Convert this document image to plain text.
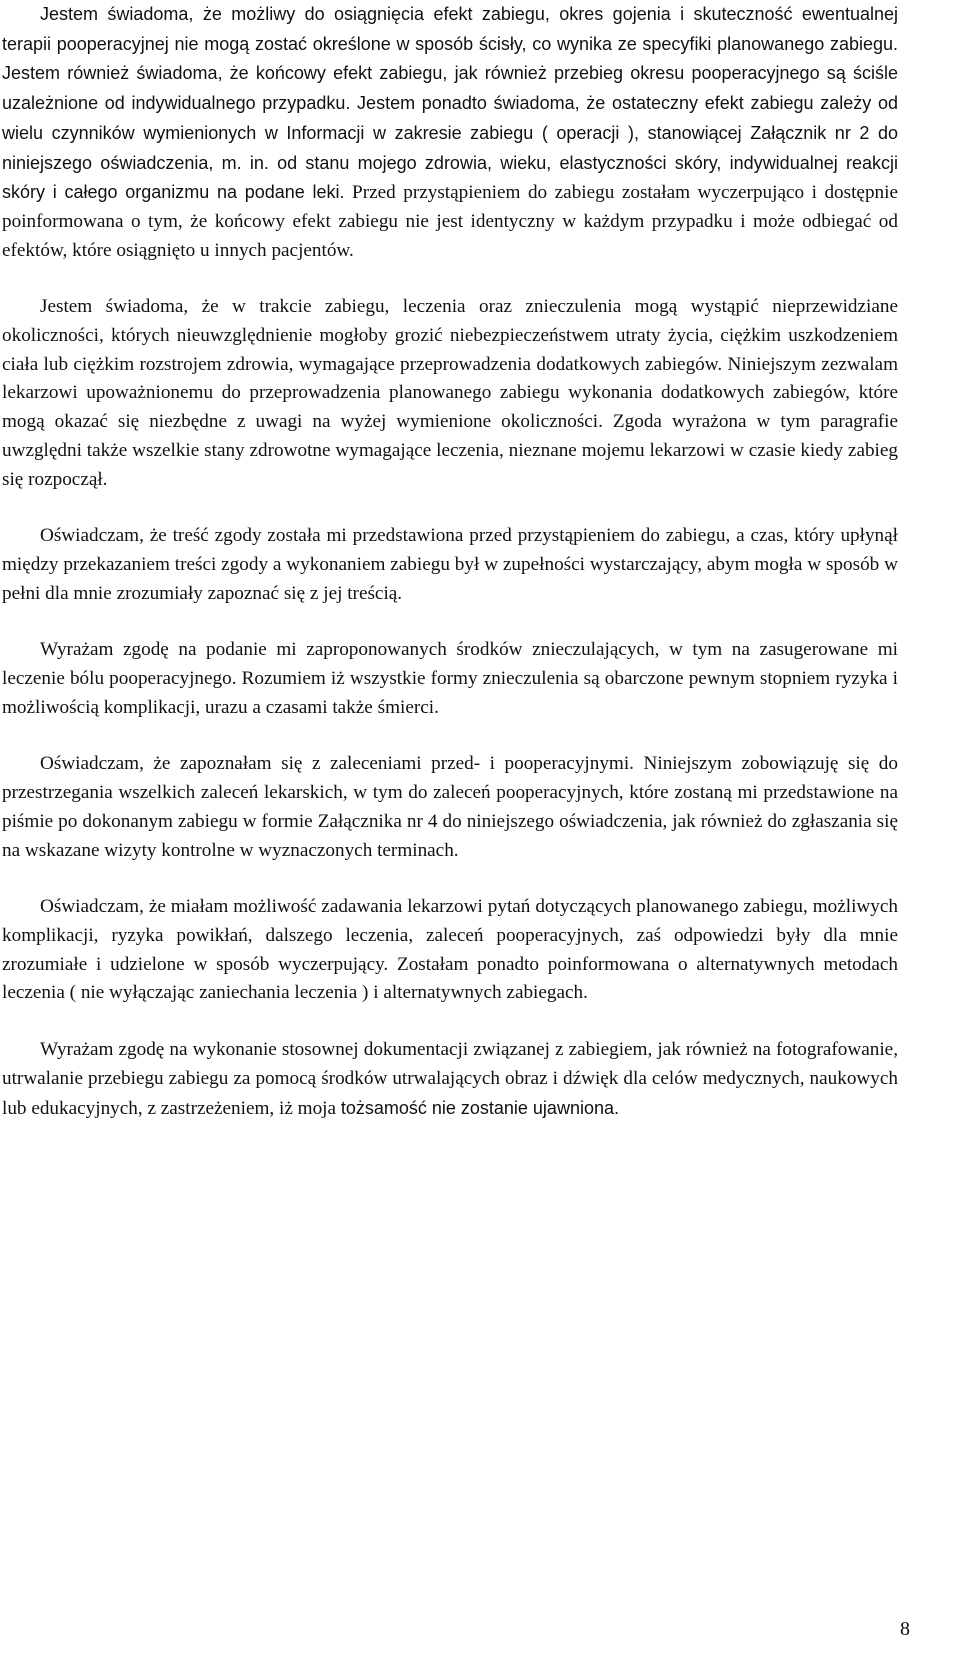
Jestem świadoma, że możliwy do osiągnięcia efekt zabiegu, okres gojenia i skuteczność ewentualnej terapii pooperacyjnej nie mogą zostać określone w sposób ścisły, co wynika ze specyfiki planowanego zabiegu. Jestem również świadoma, że końcowy efekt zabiegu, jak również przebieg okresu pooperacyjnego są ściśle uzależnione od indywidualnego przypadku. Jestem ponadto świadoma, że ostateczny efekt zabiegu zależy od wielu czynników wymienionych w Informacji w zakresie zabiegu ( operacji ), stanowiącej Załącznik nr 2 do niniejszego oświadczenia, m. in. od stanu mojego zdrowia, wieku, elastyczności skóry, indywidualnej reakcji skóry i całego organizmu na podane leki. Przed przystąpieniem do zabiegu zostałam wyczerpująco i dostępnie poinformowana o tym, że końcowy efekt zabiegu nie jest identyczny w każdym przypadku i może odbiegać od efektów, które osiągnięto u innych pacjentów.

Jestem świadoma, że w trakcie zabiegu, leczenia oraz znieczulenia mogą wystąpić nieprzewidziane okoliczności, których nieuwzględnienie mogłoby grozić niebezpieczeństwem utraty życia, ciężkim uszkodzeniem ciała lub ciężkim rozstrojem zdrowia, wymagające przeprowadzenia dodatkowych zabiegów. Niniejszym zezwalam lekarzowi upoważnionemu do przeprowadzenia planowanego zabiegu wykonania dodatkowych zabiegów, które mogą okazać się niezbędne z uwagi na wyżej wymienione okoliczności. Zgoda wyrażona w tym paragrafie uwzględni także wszelkie stany zdrowotne wymagające leczenia, nieznane mojemu lekarzowi w czasie kiedy zabieg się rozpoczął.

Oświadczam, że treść zgody została mi przedstawiona przed przystąpieniem do zabiegu, a czas, który upłynął między przekazaniem treści zgody a wykonaniem zabiegu był w zupełności wystarczający, abym mogła w sposób w pełni dla mnie zrozumiały zapoznać się z jej treścią.

Wyrażam zgodę na podanie mi zaproponowanych środków znieczulających, w tym na zasugerowane mi leczenie bólu pooperacyjnego. Rozumiem iż wszystkie formy znieczulenia są obarczone pewnym stopniem ryzyka i możliwością komplikacji, urazu a czasami także śmierci.

Oświadczam, że zapoznałam się z zaleceniami przed- i pooperacyjnymi. Niniejszym zobowiązuję się do przestrzegania wszelkich zaleceń lekarskich, w tym do zaleceń pooperacyjnych, które zostaną mi przedstawione na piśmie po dokonanym zabiegu w formie Załącznika nr 4 do niniejszego oświadczenia, jak również do zgłaszania się na wskazane wizyty kontrolne w wyznaczonych terminach.

Oświadczam, że miałam możliwość zadawania lekarzowi pytań dotyczących planowanego zabiegu, możliwych komplikacji, ryzyka powikłań, dalszego leczenia, zaleceń pooperacyjnych, zaś odpowiedzi były dla mnie zrozumiałe i udzielone w sposób wyczerpujący. Zostałam ponadto poinformowana o alternatywnych metodach leczenia ( nie wyłączając zaniechania leczenia ) i alternatywnych zabiegach.

Wyrażam zgodę na wykonanie stosownej dokumentacji związanej z zabiegiem, jak również na fotografowanie, utrwalanie przebiegu zabiegu za pomocą środków utrwalających obraz i dźwięk dla celów medycznych, naukowych lub edukacyjnych, z zastrzeżeniem, iż moja tożsamość nie zostanie ujawniona.

8
